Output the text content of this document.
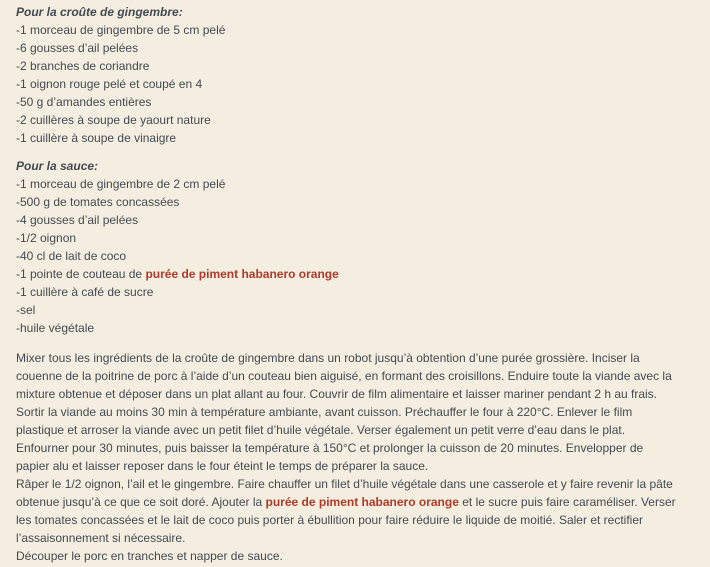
Pour la croûte de gingembre:
-1 morceau de gingembre de 5 cm pelé
-6 gousses d’ail pelées
-2 branches de coriandre
-1 oignon rouge pelé et coupé en 4
-50 g d’amandes entières
-2 cuillères à soupe de yaourt nature
-1 cuillère à soupe de vinaigre
Pour la sauce:
-1 morceau de gingembre de 2 cm pelé
-500 g de tomates concassées
-4 gousses d’ail pelées
-1/2 oignon
-40 cl de lait de coco
-1 pointe de couteau de purée de piment habanero orange
-1 cuillère à café de sucre
-sel
-huile végétale
Mixer tous les ingrédients de la croûte de gingembre dans un robot jusqu’à obtention d’une purée grossière. Inciser la
couenne de la poitrine de porc à l’aide d’un couteau bien aiguisé, en formant des croisillons. Enduire toute la viande avec la
mixture obtenue et déposer dans un plat allant au four. Couvrir de film alimentaire et laisser mariner pendant 2 h au frais.
Sortir la viande au moins 30 min à température ambiante, avant cuisson. Préchauffer le four à 220°C. Enlever le film
plastique et arroser la viande avec un petit filet d’huile végétale. Verser également un petit verre d’eau dans le plat.
Enfourner pour 30 minutes, puis baisser la température à 150°C et prolonger la cuisson de 20 minutes. Envelopper de
papier alu et laisser reposer dans le four éteint le temps de préparer la sauce.
Râper le 1/2 oignon, l’ail et le gingembre. Faire chauffer un filet d’huile végétale dans une casserole et y faire revenir la pâte
obtenue jusqu’à ce que ce soit doré. Ajouter la purée de piment habanero orange et le sucre puis faire caraméliser. Verser
les tomates concassées et le lait de coco puis porter à ébullition pour faire réduire le liquide de moitié. Saler et rectifier
l’assaisonnement si nécessaire.
Découper le porc en tranches et napper de sauce.
